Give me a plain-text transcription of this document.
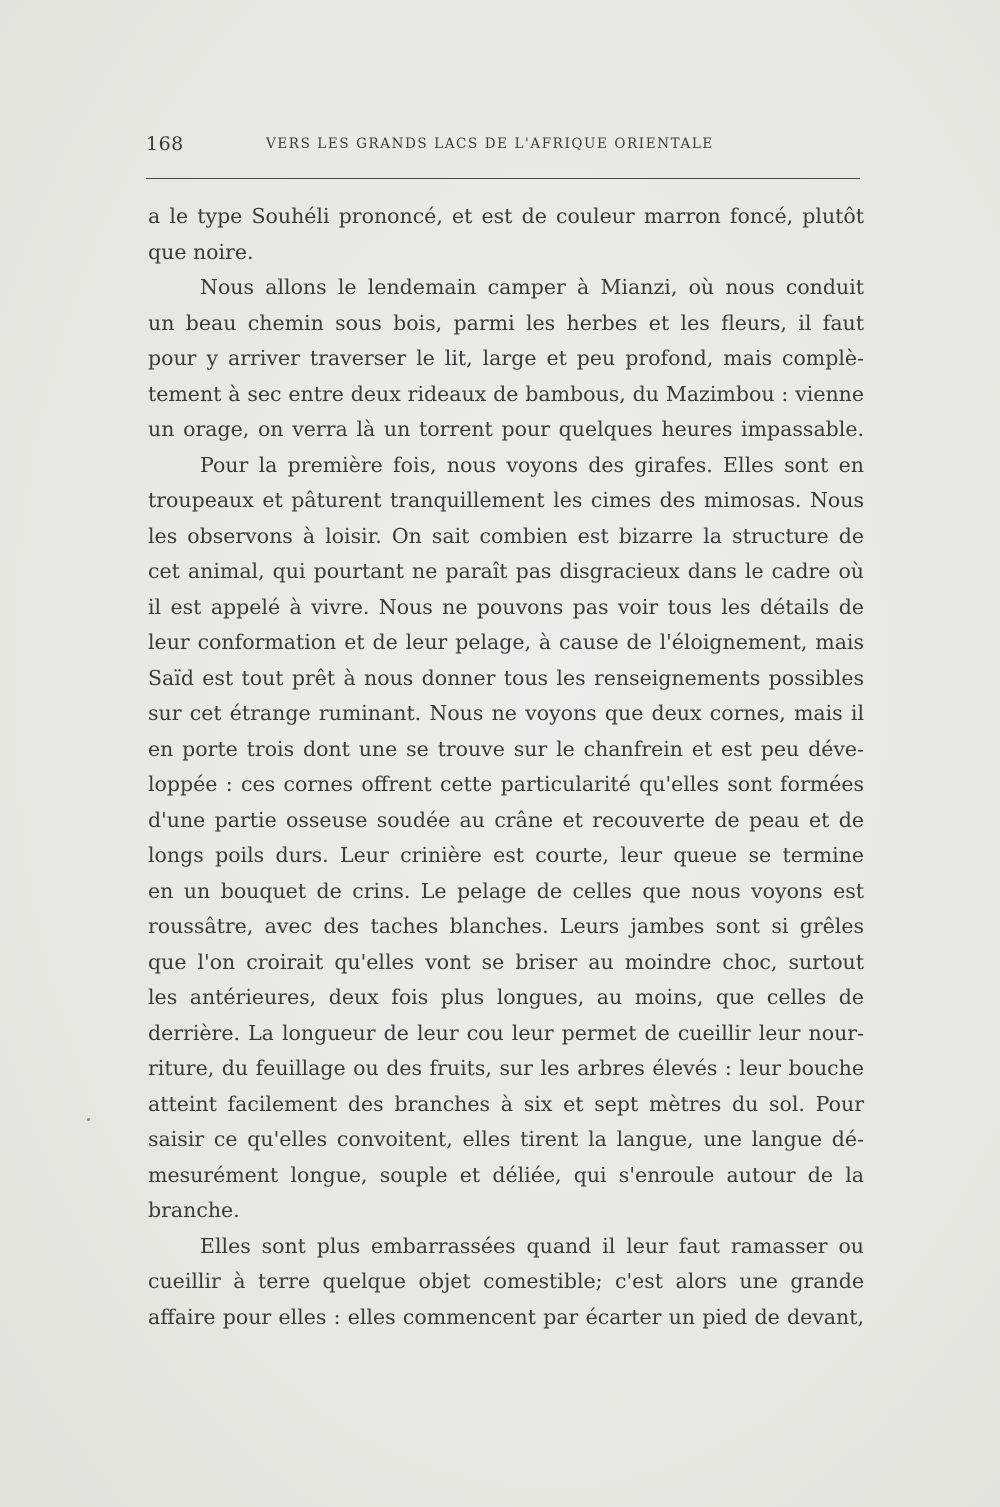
168	VERS LES GRANDS LACS DE L'AFRIQUE ORIENTALE
a le type Souhéli prononcé, et est de couleur marron foncé, plutôt
que noire.
Nous allons le lendemain camper à Mianzi, où nous conduit
un beau chemin sous bois, parmi les herbes et les fleurs, il faut
pour y arriver traverser le lit, large et peu profond, mais complè-
tement à sec entre deux rideaux de bambous, du Mazimbou : vienne
un orage, on verra là un torrent pour quelques heures impassable.
Pour la première fois, nous voyons des girafes. Elles sont en
troupeaux et pâturent tranquillement les cimes des mimosas. Nous
les observons à loisir. On sait combien est bizarre la structure de
cet animal, qui pourtant ne paraît pas disgracieux dans le cadre où
il est appelé à vivre. Nous ne pouvons pas voir tous les détails de
leur conformation et de leur pelage, à cause de l'éloignement, mais
Saïd est tout prêt à nous donner tous les renseignements possibles
sur cet étrange ruminant. Nous ne voyons que deux cornes, mais il
en porte trois dont une se trouve sur le chanfrein et est peu déve-
loppée : ces cornes offrent cette particularité qu'elles sont formées
d'une partie osseuse soudée au crâne et recouverte de peau et de
longs poils durs. Leur crinière est courte, leur queue se termine
en un bouquet de crins. Le pelage de celles que nous voyons est
roussâtre, avec des taches blanches. Leurs jambes sont si grêles
que l'on croirait qu'elles vont se briser au moindre choc, surtout
les antérieures, deux fois plus longues, au moins, que celles de
derrière. La longueur de leur cou leur permet de cueillir leur nour-
riture, du feuillage ou des fruits, sur les arbres élevés : leur bouche
atteint facilement des branches à six et sept mètres du sol. Pour
saisir ce qu'elles convoitent, elles tirent la langue, une langue dé-
mesurément longue, souple et déliée, qui s'enroule autour de la
branche.
Elles sont plus embarrassées quand il leur faut ramasser ou
cueillir à terre quelque objet comestible; c'est alors une grande
affaire pour elles : elles commencent par écarter un pied de devant,
